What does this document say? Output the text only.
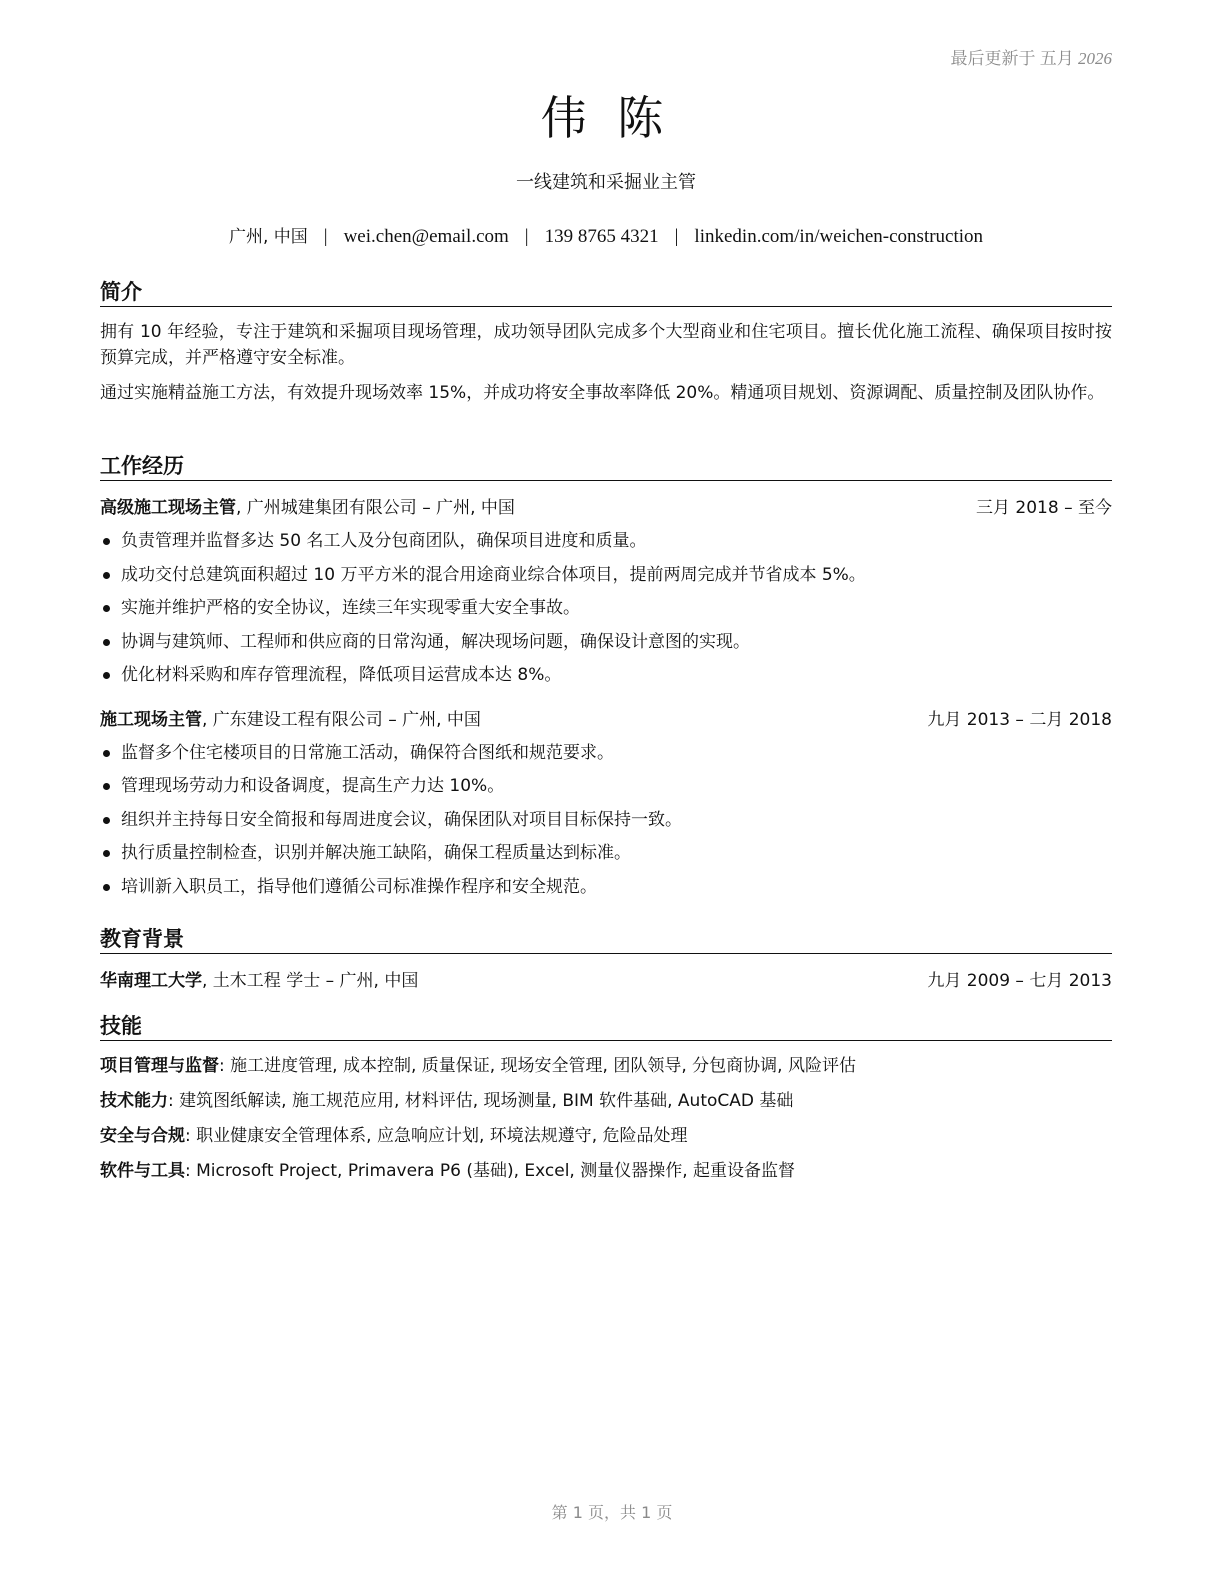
最后更新于 五月 2026
伟 陈
一线建筑和采掘业主管
广州, 中国 | wei.chen@email.com | 139 8765 4321 | linkedin.com/in/weichen-construction
简介

拥有 10 年经验，专注于建筑和采掘项目现场管理，成功领导团队完成多个大型商业和住宅项目。擅长优化施工流程、确保项目按时按预算完成，并严格遵守安全标准。

通过实施精益施工方法，有效提升现场效率 15%，并成功将安全事故率降低 20%。精通项目规划、资源调配、质量控制及团队协作。

工作经历
高级施工现场主管, 广州城建集团有限公司 – 广州, 中国	三月 2018 – 至今
负责管理并监督多达 50 名工人及分包商团队，确保项目进度和质量。
成功交付总建筑面积超过 10 万平方米的混合用途商业综合体项目，提前两周完成并节省成本 5%。
实施并维护严格的安全协议，连续三年实现零重大安全事故。
协调与建筑师、工程师和供应商的日常沟通，解决现场问题，确保设计意图的实现。
优化材料采购和库存管理流程，降低项目运营成本达 8%。
施工现场主管, 广东建设工程有限公司 – 广州, 中国	九月 2013 – 二月 2018
监督多个住宅楼项目的日常施工活动，确保符合图纸和规范要求。
管理现场劳动力和设备调度，提高生产力达 10%。
组织并主持每日安全简报和每周进度会议，确保团队对项目目标保持一致。
执行质量控制检查，识别并解决施工缺陷，确保工程质量达到标准。
培训新入职员工，指导他们遵循公司标准操作程序和安全规范。
教育背景
华南理工大学, 土木工程 学士 – 广州, 中国	九月 2009 – 七月 2013
技能
项目管理与监督: 施工进度管理, 成本控制, 质量保证, 现场安全管理, 团队领导, 分包商协调, 风险评估
技术能力: 建筑图纸解读, 施工规范应用, 材料评估, 现场测量, BIM 软件基础, AutoCAD 基础
安全与合规: 职业健康安全管理体系, 应急响应计划, 环境法规遵守, 危险品处理
软件与工具: Microsoft Project, Primavera P6 (基础), Excel, 测量仪器操作, 起重设备监督
第 1 页，共 1 页
